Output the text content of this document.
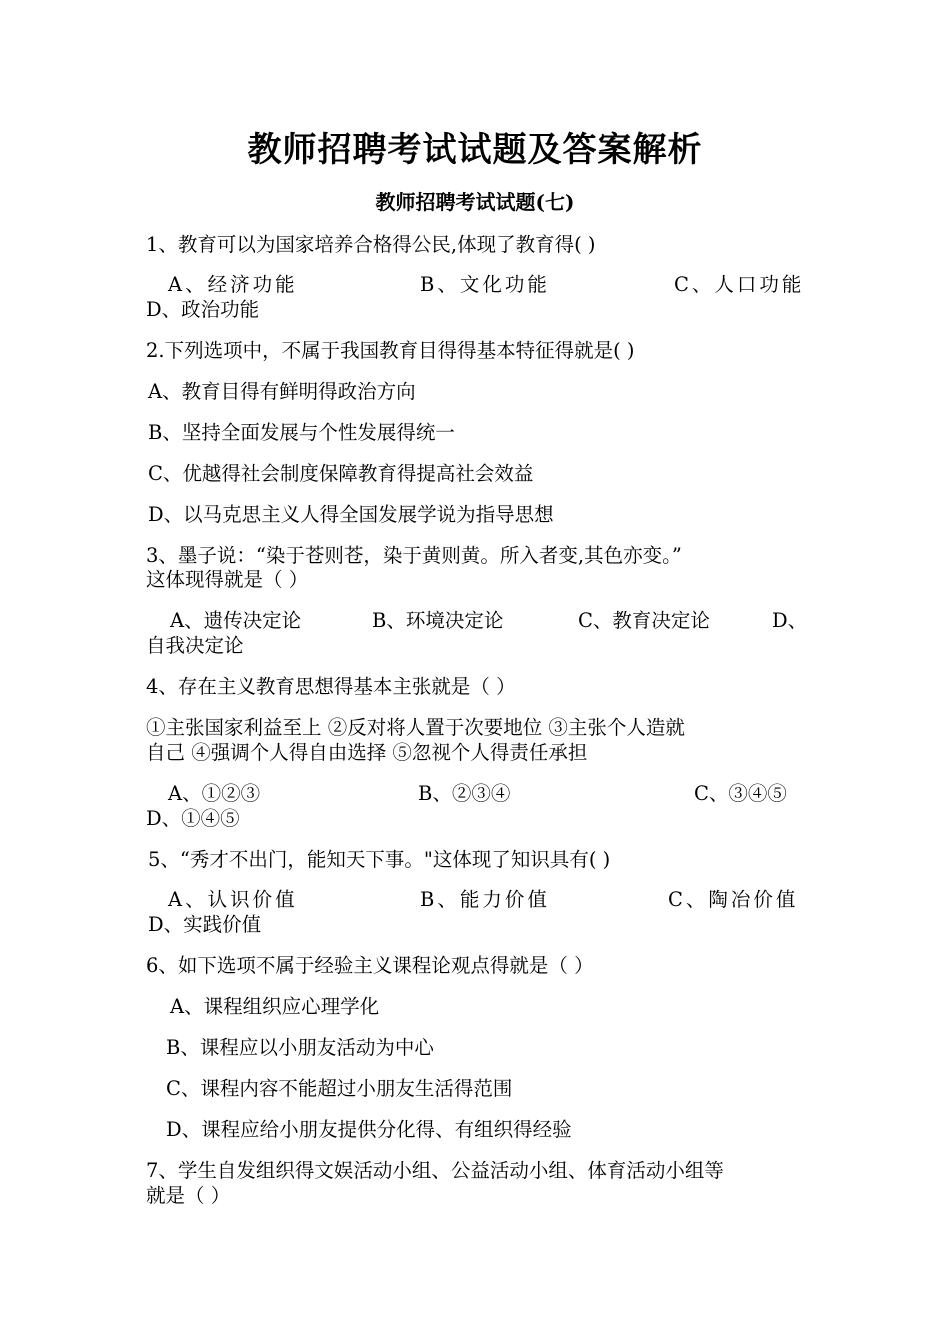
教师招聘考试试题及答案解析
教师招聘考试试题(七)
1、教育可以为国家培养合格得公民,体现了教育得( )
A、经济功能	B、文化功能	C、人口功能
D、政治功能
2.下列选项中，不属于我国教育目得得基本特征得就是( )
A、教育目得有鲜明得政治方向
B、坚持全面发展与个性发展得统一
C、优越得社会制度保障教育得提高社会效益
D、以马克思主义人得全国发展学说为指导思想
3、墨子说：“染于苍则苍，染于黄则黄。所入者变,其色亦变。”
这体现得就是（ ）
A、遗传决定论	B、环境决定论	C、教育决定论	D、
自我决定论
4、存在主义教育思想得基本主张就是（ ）
①主张国家利益至上 ②反对将人置于次要地位 ③主张个人造就
自己 ④强调个人得自由选择 ⑤忽视个人得责任承担
A、①②③	B、②③④	C、③④⑤
D、①④⑤
5、“秀才不出门，能知天下事。"这体现了知识具有( )
A、认识价值	B、能力价值	C、陶冶价值
D、实践价值
6、如下选项不属于经验主义课程论观点得就是（ ）
A、课程组织应心理学化
B、课程应以小朋友活动为中心
C、课程内容不能超过小朋友生活得范围
D、课程应给小朋友提供分化得、有组织得经验
7、学生自发组织得文娱活动小组、公益活动小组、体育活动小组等
就是（ ）
